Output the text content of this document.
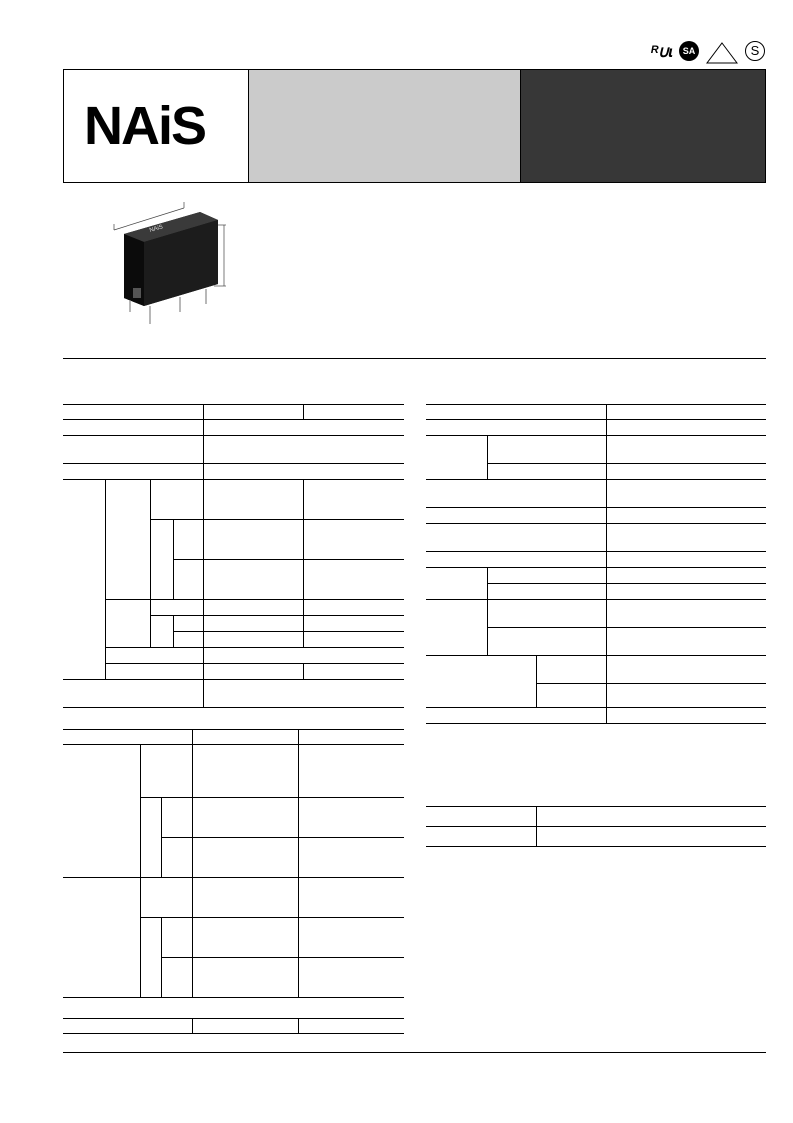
ᴿ∪ɩ	SA	S
NAiS
NAiS
